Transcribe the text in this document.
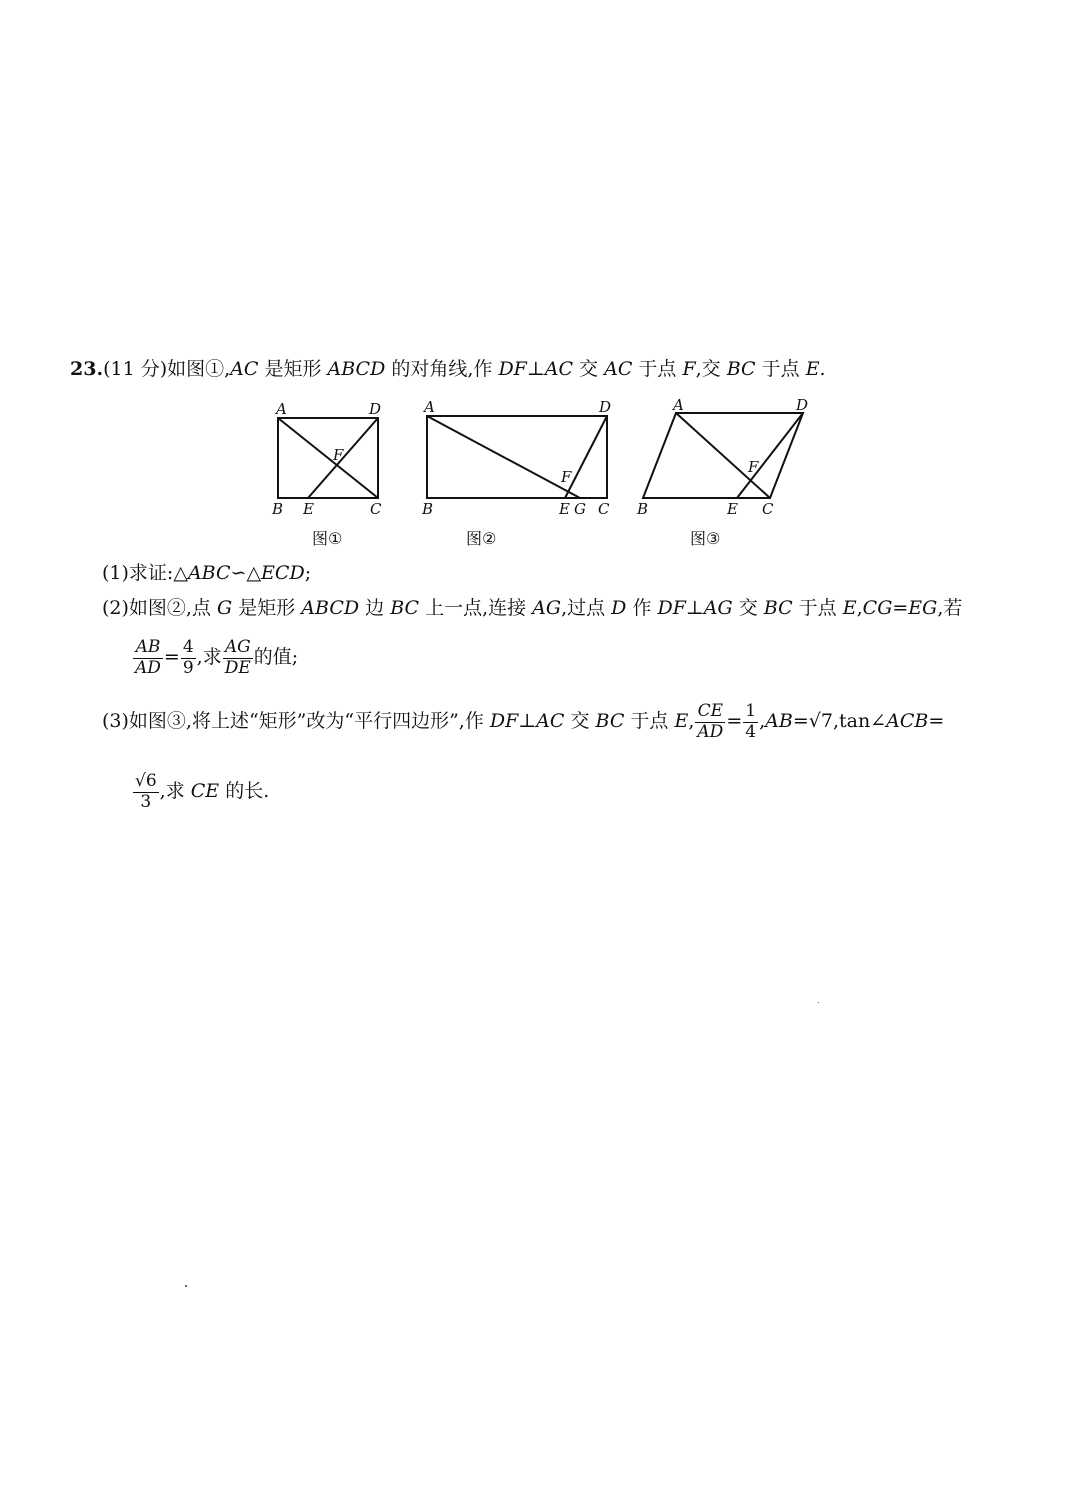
23.(11 分)如图①,AC 是矩形 ABCD 的对角线,作 DF⊥AC 交 AC 于点 F,交 BC 于点 E.
A	D
F
B E	C
A	D
F
B	E G C
A	D
F
B	E C
图①	图②	图③
(1)求证:△ABC∽△ECD;
(2)如图②,点 G 是矩形 ABCD 边 BC 上一点,连接 AG,过点 D 作 DF⊥AG 交 BC 于点 E,CG=EG,若
$\frac{AB}{AD} = \frac{4}{9}$ ,求 $\frac{AG}{DE}$ 的值;
(3)如图③,将上述“矩形”改为“平行四边形”,作 DF⊥AC 交 BC 于点 E, $\frac{CE}{AD} = \frac{1}{4}$ ,AB=√7,tan∠ACB=
$\frac{√6}{3}$ ,求 CE 的长.
